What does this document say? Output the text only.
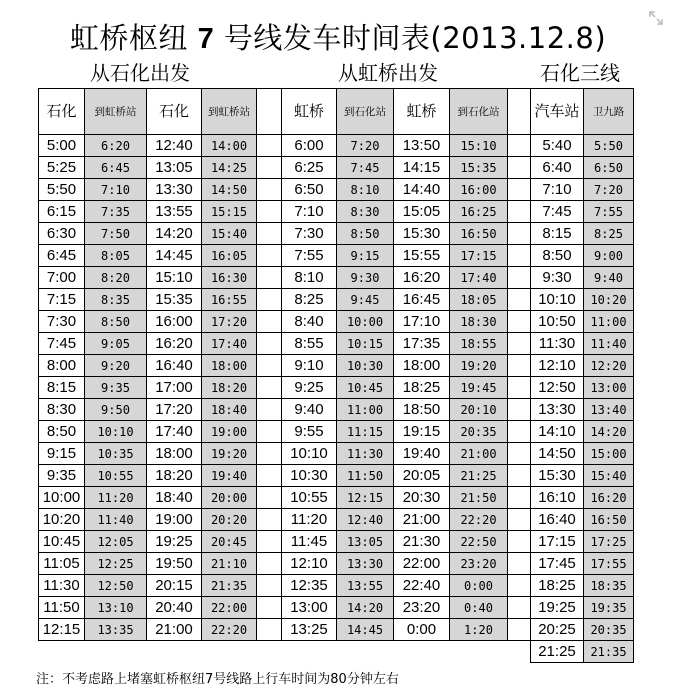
虹桥枢纽 7 号线发车时间表(2013.12.8)
从石化出发	从虹桥出发	石化三线
石化	到虹桥站	石化	到虹桥站		虹桥	到石化站	虹桥	到石化站		汽车站	卫九路
5:00	6:20	12:40	14:00		6:00	7:20	13:50	15:10		5:40	5:50
5:25	6:45	13:05	14:25		6:25	7:45	14:15	15:35		6:40	6:50
5:50	7:10	13:30	14:50		6:50	8:10	14:40	16:00		7:10	7:20
6:15	7:35	13:55	15:15		7:10	8:30	15:05	16:25		7:45	7:55
6:30	7:50	14:20	15:40		7:30	8:50	15:30	16:50		8:15	8:25
6:45	8:05	14:45	16:05		7:55	9:15	15:55	17:15		8:50	9:00
7:00	8:20	15:10	16:30		8:10	9:30	16:20	17:40		9:30	9:40
7:15	8:35	15:35	16:55		8:25	9:45	16:45	18:05		10:10	10:20
7:30	8:50	16:00	17:20		8:40	10:00	17:10	18:30		10:50	11:00
7:45	9:05	16:20	17:40		8:55	10:15	17:35	18:55		11:30	11:40
8:00	9:20	16:40	18:00		9:10	10:30	18:00	19:20		12:10	12:20
8:15	9:35	17:00	18:20		9:25	10:45	18:25	19:45		12:50	13:00
8:30	9:50	17:20	18:40		9:40	11:00	18:50	20:10		13:30	13:40
8:50	10:10	17:40	19:00		9:55	11:15	19:15	20:35		14:10	14:20
9:15	10:35	18:00	19:20		10:10	11:30	19:40	21:00		14:50	15:00
9:35	10:55	18:20	19:40		10:30	11:50	20:05	21:25		15:30	15:40
10:00	11:20	18:40	20:00		10:55	12:15	20:30	21:50		16:10	16:20
10:20	11:40	19:00	20:20		11:20	12:40	21:00	22:20		16:40	16:50
10:45	12:05	19:25	20:45		11:45	13:05	21:30	22:50		17:15	17:25
11:05	12:25	19:50	21:10		12:10	13:30	22:00	23:20		17:45	17:55
11:30	12:50	20:15	21:35		12:35	13:55	22:40	0:00		18:25	18:35
11:50	13:10	20:40	22:00		13:00	14:20	23:20	0:40		19:25	19:35
12:15	13:35	21:00	22:20		13:25	14:45	0:00	1:20		20:25	20:35
										21:25	21:35
注：不考虑路上堵塞虹桥枢纽7号线路上行车时间为80分钟左右
